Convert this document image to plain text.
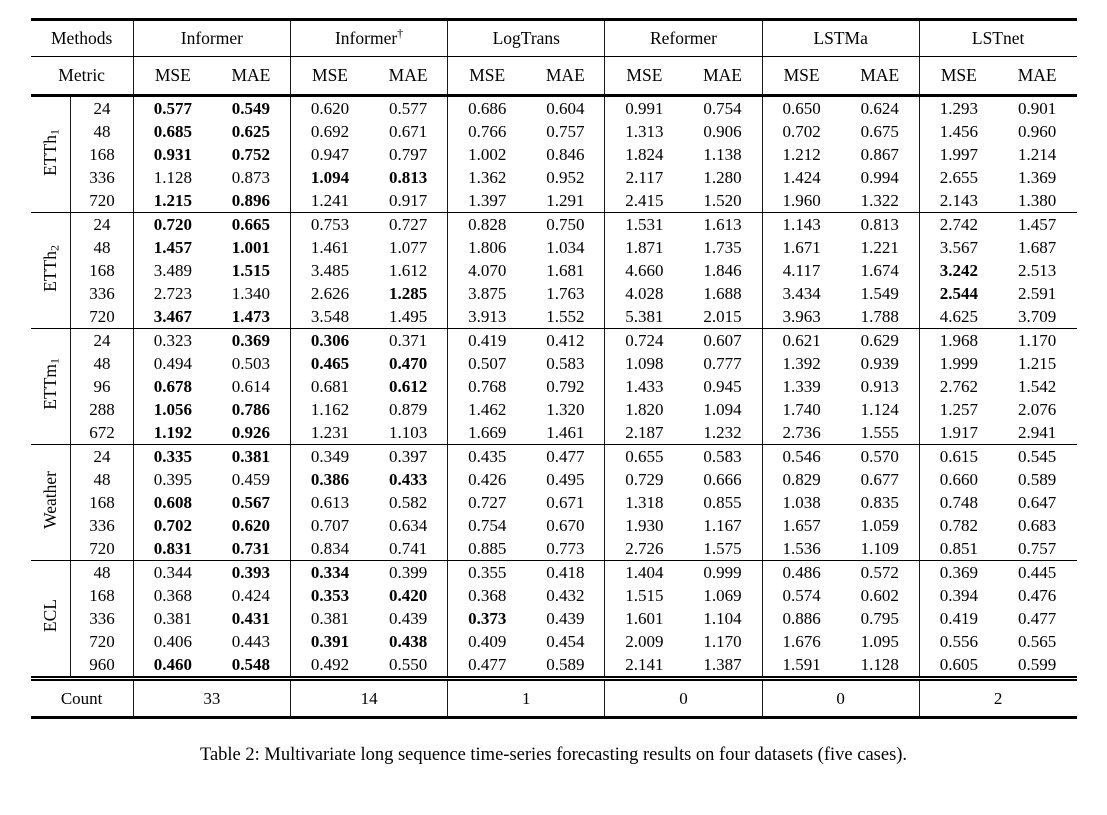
Methods		Informer		Informer†		LogTrans		Reformer		LSTMa		LSTnet	
Metric		MSE	MAE	MSE	MAE	MSE	MAE	MSE	MAE	MSE	MAE	MSE	MAE
ETTh$_1$	24	0.577	0.549	0.620	0.577	0.686	0.604	0.991	0.754	0.650	0.624	1.293	0.901
	48	0.685	0.625	0.692	0.671	0.766	0.757	1.313	0.906	0.702	0.675	1.456	0.960
	168	0.931	0.752	0.947	0.797	1.002	0.846	1.824	1.138	1.212	0.867	1.997	1.214
	336	1.128	0.873	1.094	0.813	1.362	0.952	2.117	1.280	1.424	0.994	2.655	1.369
	720	1.215	0.896	1.241	0.917	1.397	1.291	2.415	1.520	1.960	1.322	2.143	1.380
ETTh$_2$	24	0.720	0.665	0.753	0.727	0.828	0.750	1.531	1.613	1.143	0.813	2.742	1.457
	48	1.457	1.001	1.461	1.077	1.806	1.034	1.871	1.735	1.671	1.221	3.567	1.687
	168	3.489	1.515	3.485	1.612	4.070	1.681	4.660	1.846	4.117	1.674	3.242	2.513
	336	2.723	1.340	2.626	1.285	3.875	1.763	4.028	1.688	3.434	1.549	2.544	2.591
	720	3.467	1.473	3.548	1.495	3.913	1.552	5.381	2.015	3.963	1.788	4.625	3.709
ETTm$_1$	24	0.323	0.369	0.306	0.371	0.419	0.412	0.724	0.607	0.621	0.629	1.968	1.170
	48	0.494	0.503	0.465	0.470	0.507	0.583	1.098	0.777	1.392	0.939	1.999	1.215
	96	0.678	0.614	0.681	0.612	0.768	0.792	1.433	0.945	1.339	0.913	2.762	1.542
	288	1.056	0.786	1.162	0.879	1.462	1.320	1.820	1.094	1.740	1.124	1.257	2.076
	672	1.192	0.926	1.231	1.103	1.669	1.461	2.187	1.232	2.736	1.555	1.917	2.941
Weather	24	0.335	0.381	0.349	0.397	0.435	0.477	0.655	0.583	0.546	0.570	0.615	0.545
	48	0.395	0.459	0.386	0.433	0.426	0.495	0.729	0.666	0.829	0.677	0.660	0.589
	168	0.608	0.567	0.613	0.582	0.727	0.671	1.318	0.855	1.038	0.835	0.748	0.647
	336	0.702	0.620	0.707	0.634	0.754	0.670	1.930	1.167	1.657	1.059	0.782	0.683
	720	0.831	0.731	0.834	0.741	0.885	0.773	2.726	1.575	1.536	1.109	0.851	0.757
ECL	48	0.344	0.393	0.334	0.399	0.355	0.418	1.404	0.999	0.486	0.572	0.369	0.445
	168	0.368	0.424	0.353	0.420	0.368	0.432	1.515	1.069	0.574	0.602	0.394	0.476
	336	0.381	0.431	0.381	0.439	0.373	0.439	1.601	1.104	0.886	0.795	0.419	0.477
	720	0.406	0.443	0.391	0.438	0.409	0.454	2.009	1.170	1.676	1.095	0.556	0.565
	960	0.460	0.548	0.492	0.550	0.477	0.589	2.141	1.387	1.591	1.128	0.605	0.599
Count		33		14		1		0		0		2	
Table 2: Multivariate long sequence time-series forecasting results on four datasets (five cases).
